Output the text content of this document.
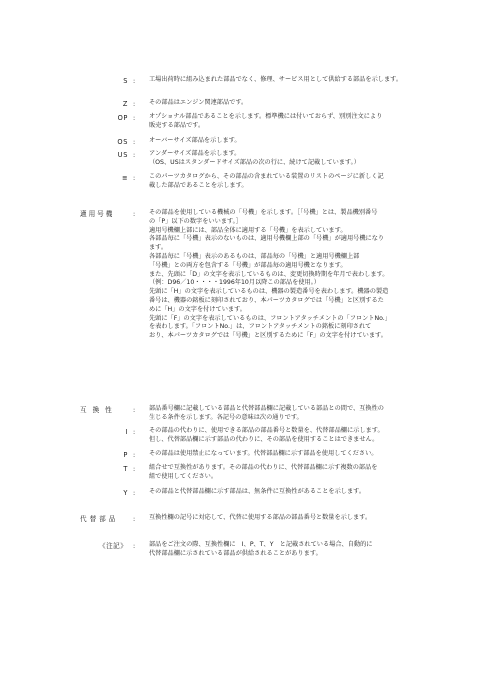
S : 工場出荷時に組み込まれた部品でなく、修理、サービス用として供給する部品を示します。
Z : その部品はエンジン関連部品です。
OP : オプショナル部品であることを示します。標準機には付いておらず、別別注文により
販売する部品です。
OS : オーバーサイズ部品を示します。
US : アンダーサイズ部品を示します。
（OS、USはスタンダードサイズ部品の次の行に、続けて記載しています。）
≡ : このパーツカタログから、その部品の含まれている装置のリストのページに新しく記
載した部品であることを示します。
適用号機	: その部品を使用している機械の「号機」を示します。［「号機」とは、製品機別番号
の「P」以下の数字をいいます。］
適用号機欄上部には、部品全体に適用する「号機」を表示しています。
各部品毎に「号機」表示のないものは、適用号機欄上部の「号機」が適用号機になり
ます。
各部品毎に「号機」表示のあるものは、部品毎の「号機」と適用号機欄上部
「号機」との両方を包含する「号機」が部品毎の適用号機となります。
また、先頭に「D」の文字を表示しているものは、変更切換時期を年月で表わします。
（例：D96／10・・・・1996年10月以降この部品を使用。）
先頭に「H」の文字を表示しているものは、機器の製造番号を表わします。機器の製造
番号は、機器の銘板に刻印されており、本パーツカタログでは「号機」と区別するた
めに「H」の文字を付けています。
先頭に「F」の文字を表示しているものは、フロントアタッチメントの「フロントNo.」
を表わします。「フロントNo.」は、フロントアタッチメントの銘板に刻印されて
おり、本パーツカタログでは「号機」と区別するために「F」の文字を付けています。
互換性 : 部品番号欄に記載している部品と代替部品欄に記載している部品との間で、互換性の
生じる条件を示します。各記号の意味は次の通りです。
I : その部品の代わりに、使用できる部品の部品番号と数量を、代替部品欄に示します。
但し、代替部品欄に示す部品の代わりに、その部品を使用することはできません。
P : その部品は使用禁止になっています。代替部品欄に示す部品を使用してください。
T : 組合せで互換性があります。その部品の代わりに、代替部品欄に示す複数の部品を
組で使用してください。
Y : その部品と代替部品欄に示す部品は、無条件に互換性があることを示します。
代替部品 : 互換性欄の記号に対応して、代替に使用する部品の部品番号と数量を示します。
《注記》 : 部品をご注文の際、互換性欄に　I、P、T、Y　と記載されている場合、自動的に
代替部品欄に示されている部品が供給されることがあります。
